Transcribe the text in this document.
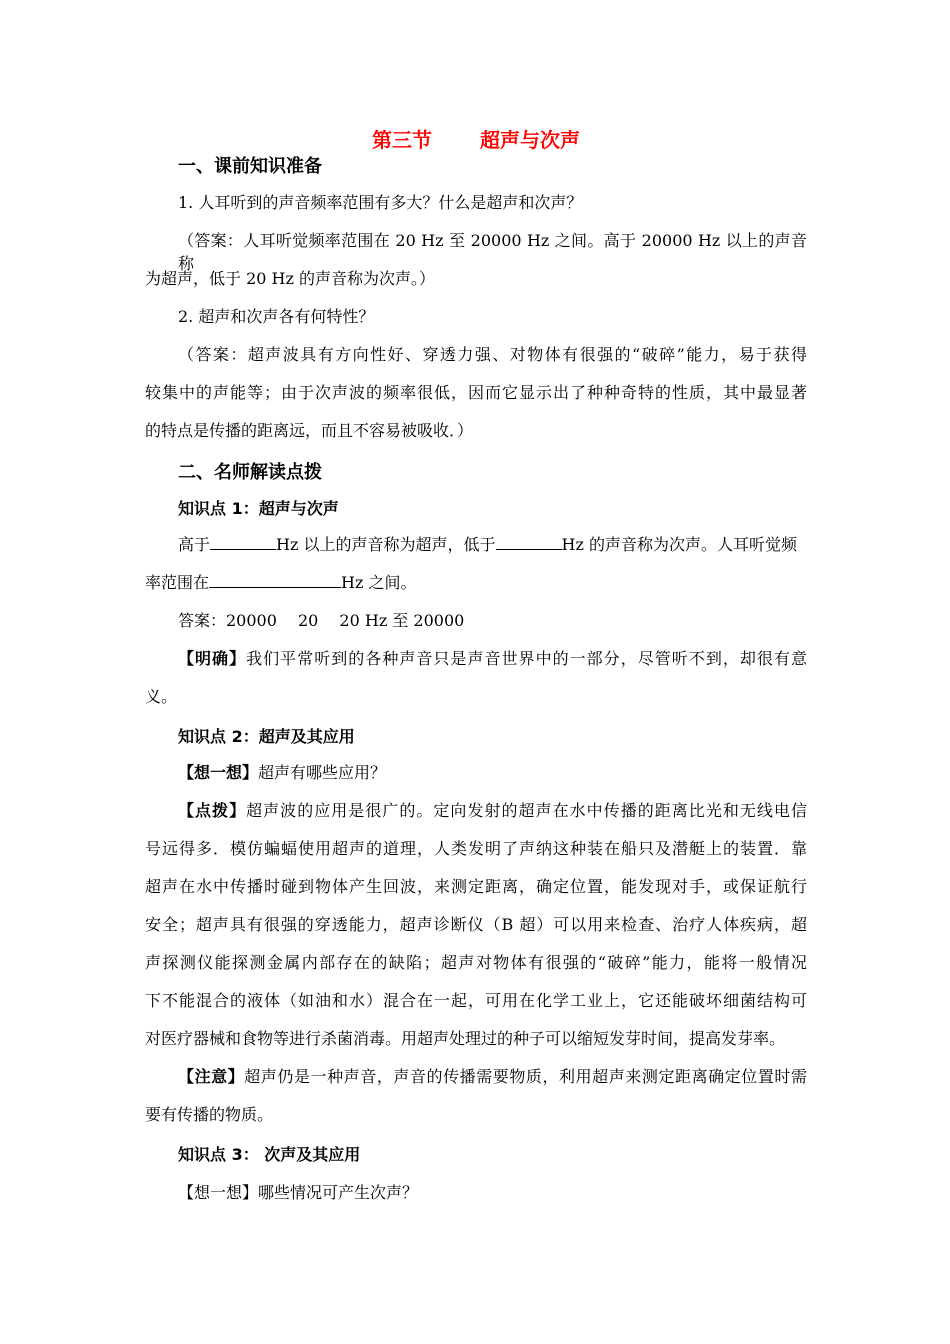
第三节 超声与次声
一、课前知识准备
1. 人耳听到的声音频率范围有多大？什么是超声和次声？
（答案：人耳听觉频率范围在 20 Hz 至 20000 Hz 之间。高于 20000 Hz 以上的声音称
为超声，低于 20 Hz 的声音称为次声。）
2. 超声和次声各有何特性？
（答案：超声波具有方向性好、穿透力强、对物体有很强的“破碎”能力，易于获得
较集中的声能等；由于次声波的频率很低，因而它显示出了种种奇特的性质，其中最显著
的特点是传播的距离远，而且不容易被吸收．）
二、名师解读点拨
知识点 1：超声与次声
高于	Hz 以上的声音称为超声，低于	Hz 的声音称为次声。人耳听觉频
率范围在	Hz 之间。
答案：20000　 20　 20 Hz 至 20000
【明确】我们平常听到的各种声音只是声音世界中的一部分，尽管听不到，却很有意
义。
知识点 2：超声及其应用
【想一想】超声有哪些应用？
【点拨】超声波的应用是很广的。定向发射的超声在水中传播的距离比光和无线电信
号远得多．模仿蝙蝠使用超声的道理，人类发明了声纳这种装在船只及潜艇上的装置．靠
超声在水中传播时碰到物体产生回波，来测定距离，确定位置，能发现对手，或保证航行
安全；超声具有很强的穿透能力，超声诊断仪（B 超）可以用来检查、治疗人体疾病，超
声探测仪能探测金属内部存在的缺陷；超声对物体有很强的“破碎”能力，能将一般情况
下不能混合的液体（如油和水）混合在一起，可用在化学工业上，它还能破坏细菌结构可
对医疗器械和食物等进行杀菌消毒。用超声处理过的种子可以缩短发芽时间，提高发芽率。
【注意】超声仍是一种声音，声音的传播需要物质，利用超声来测定距离确定位置时需
要有传播的物质。
知识点 3： 次声及其应用
【想一想】哪些情况可产生次声？
